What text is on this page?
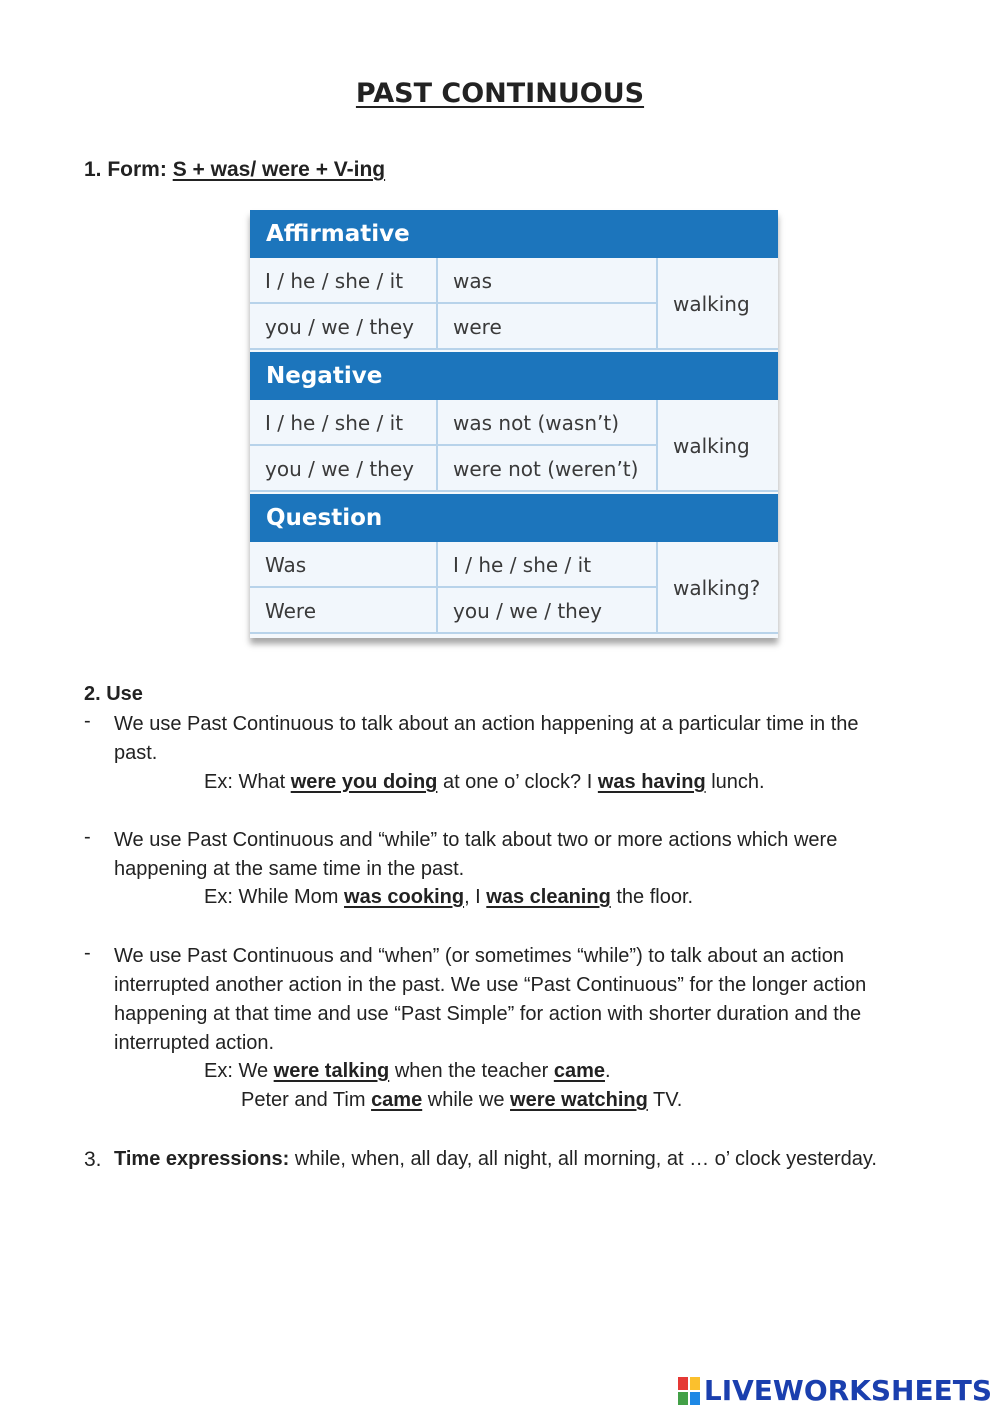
PAST CONTINUOUS
1. Form: S + was/ were + V-ing
Affirmative
I / he / she / it	was
you / we / they	were
walking
Negative
I / he / she / it	was not (wasn’t)
you / we / they	were not (weren’t)
walking
Question
Was	I / he / she / it
Were	you / we / they
walking?
2. Use
- We use Past Continuous to talk about an action happening at a particular time in the
past.
Ex: What were you doing at one o’ clock? I was having lunch.
- We use Past Continuous and “while” to talk about two or more actions which were
happening at the same time in the past.
Ex: While Mom was cooking, I was cleaning the floor.
- We use Past Continuous and “when” (or sometimes “while”) to talk about an action
interrupted another action in the past. We use “Past Continuous” for the longer action
happening at that time and use “Past Simple” for action with shorter duration and the
interrupted action.
Ex: We were talking when the teacher came.
Peter and Tim came while we were watching TV.
3. Time expressions: while, when, all day, all night, all morning, at … o’ clock yesterday.
LIVEWORKSHEETS
